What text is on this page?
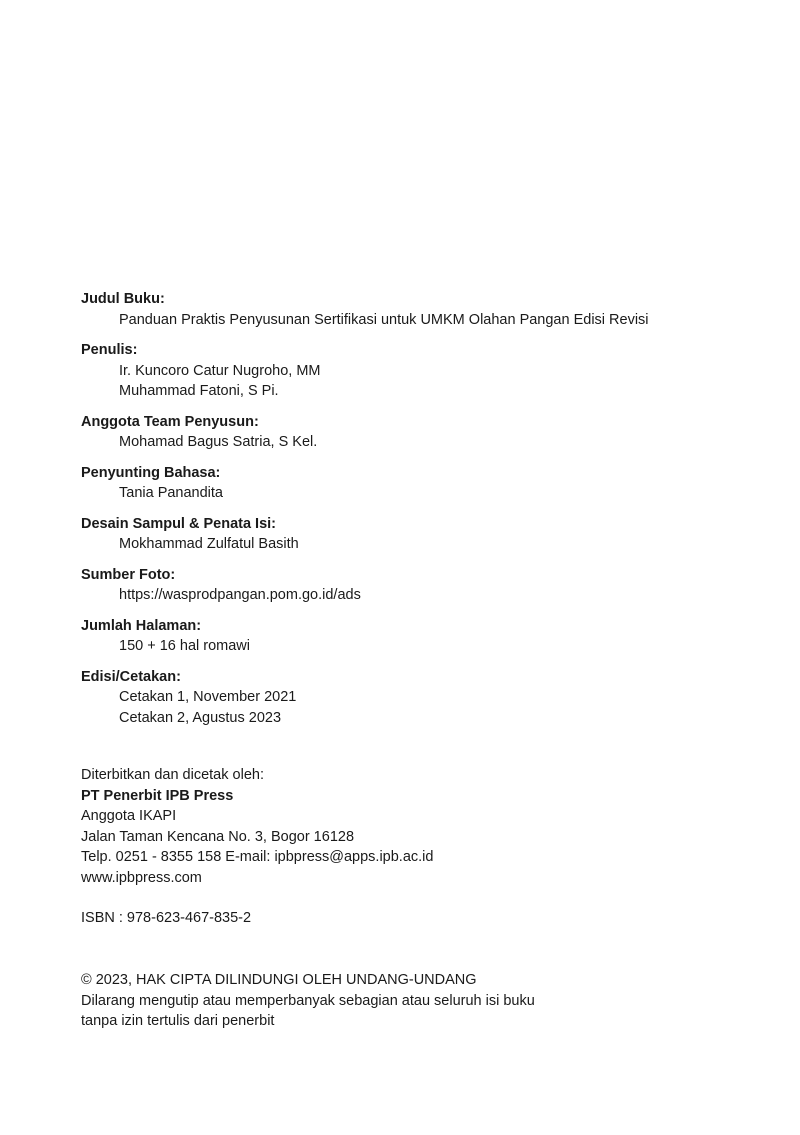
Judul Buku:
Panduan Praktis Penyusunan Sertifikasi untuk UMKM Olahan Pangan Edisi Revisi
Penulis:
Ir. Kuncoro Catur Nugroho, MM
Muhammad Fatoni, S Pi.
Anggota Team Penyusun:
Mohamad Bagus Satria, S Kel.
Penyunting Bahasa:
Tania Panandita
Desain Sampul & Penata Isi:
Mokhammad Zulfatul Basith
Sumber Foto:
https://wasprodpangan.pom.go.id/ads
Jumlah Halaman:
150 + 16 hal romawi
Edisi/Cetakan:
Cetakan 1, November 2021
Cetakan 2, Agustus 2023
Diterbitkan dan dicetak oleh:
PT Penerbit IPB Press
Anggota IKAPI
Jalan Taman Kencana No. 3, Bogor 16128
Telp. 0251 - 8355 158 E-mail: ipbpress@apps.ipb.ac.id
www.ipbpress.com
ISBN : 978-623-467-835-2
© 2023, HAK CIPTA DILINDUNGI OLEH UNDANG-UNDANG
Dilarang mengutip atau memperbanyak sebagian atau seluruh isi buku
tanpa izin tertulis dari penerbit
